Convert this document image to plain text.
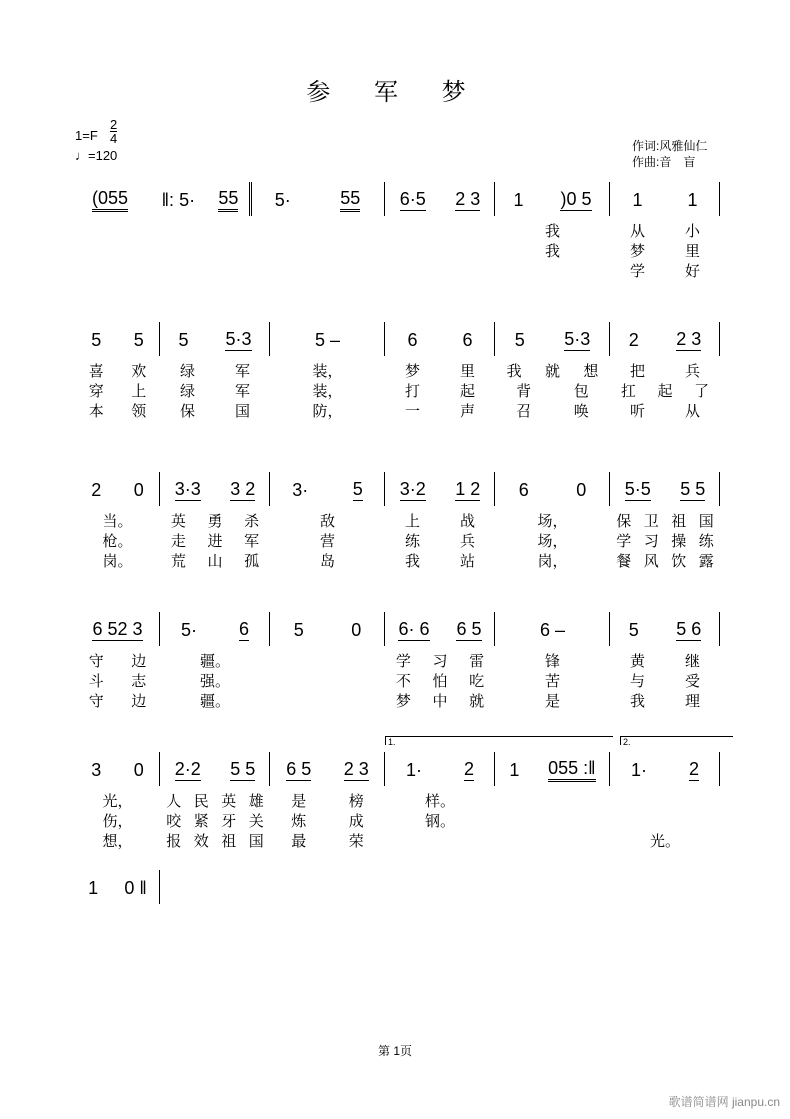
参 军 梦
$1=F \frac{2}{4}$
♩=120
作词:风雅仙仁
作曲:音　盲
(055 ‖: 5· 55 5·	55 6·5 2 3 1 )0 5 1 1
我	从	小
我	梦	里
学	好
5 5 5 5·3	5 –	6 6 5 5·3 2 2 3
喜 欢 绿	军	装，	梦	里 我 就 想 把	兵
穿 上 绿	军	装，	打	起	背	包 扛 起 了
本 领 保	国	防，	一	声	召	唤	听	从
2 0 3·3 3 2 3· 5 3·2 1 2 6	0 5·5 5 5
当。	英 勇 杀	敌	上	战	场，	保 卫 祖 国
枪。	走 进 军	营	练	兵	场，	学 习 操 练
岗。	荒 山 孤	岛	我	站	岗，	餐 风 饮 露
6 52 3 5· 6 5	0 6· 6 6 5	6 –	5 5 6
守 边	疆。	学 习 雷	锋	黄	继
斗 志	强。	不 怕 吃	苦	与	受
守 边	疆。	梦 中 就	是	我	理
3 0 2·2 5 5 6 5 2 3 1· 2 1 055 :‖ 1· 2
光， 人 民 英 雄 是	榜	样。
伤， 咬 紧 牙 关 炼	成	钢。
想， 报 效 祖 国 最	荣	光。
1.	2.
1 0 ‖
第 1页
歌谱简谱网 jianpu.cn
